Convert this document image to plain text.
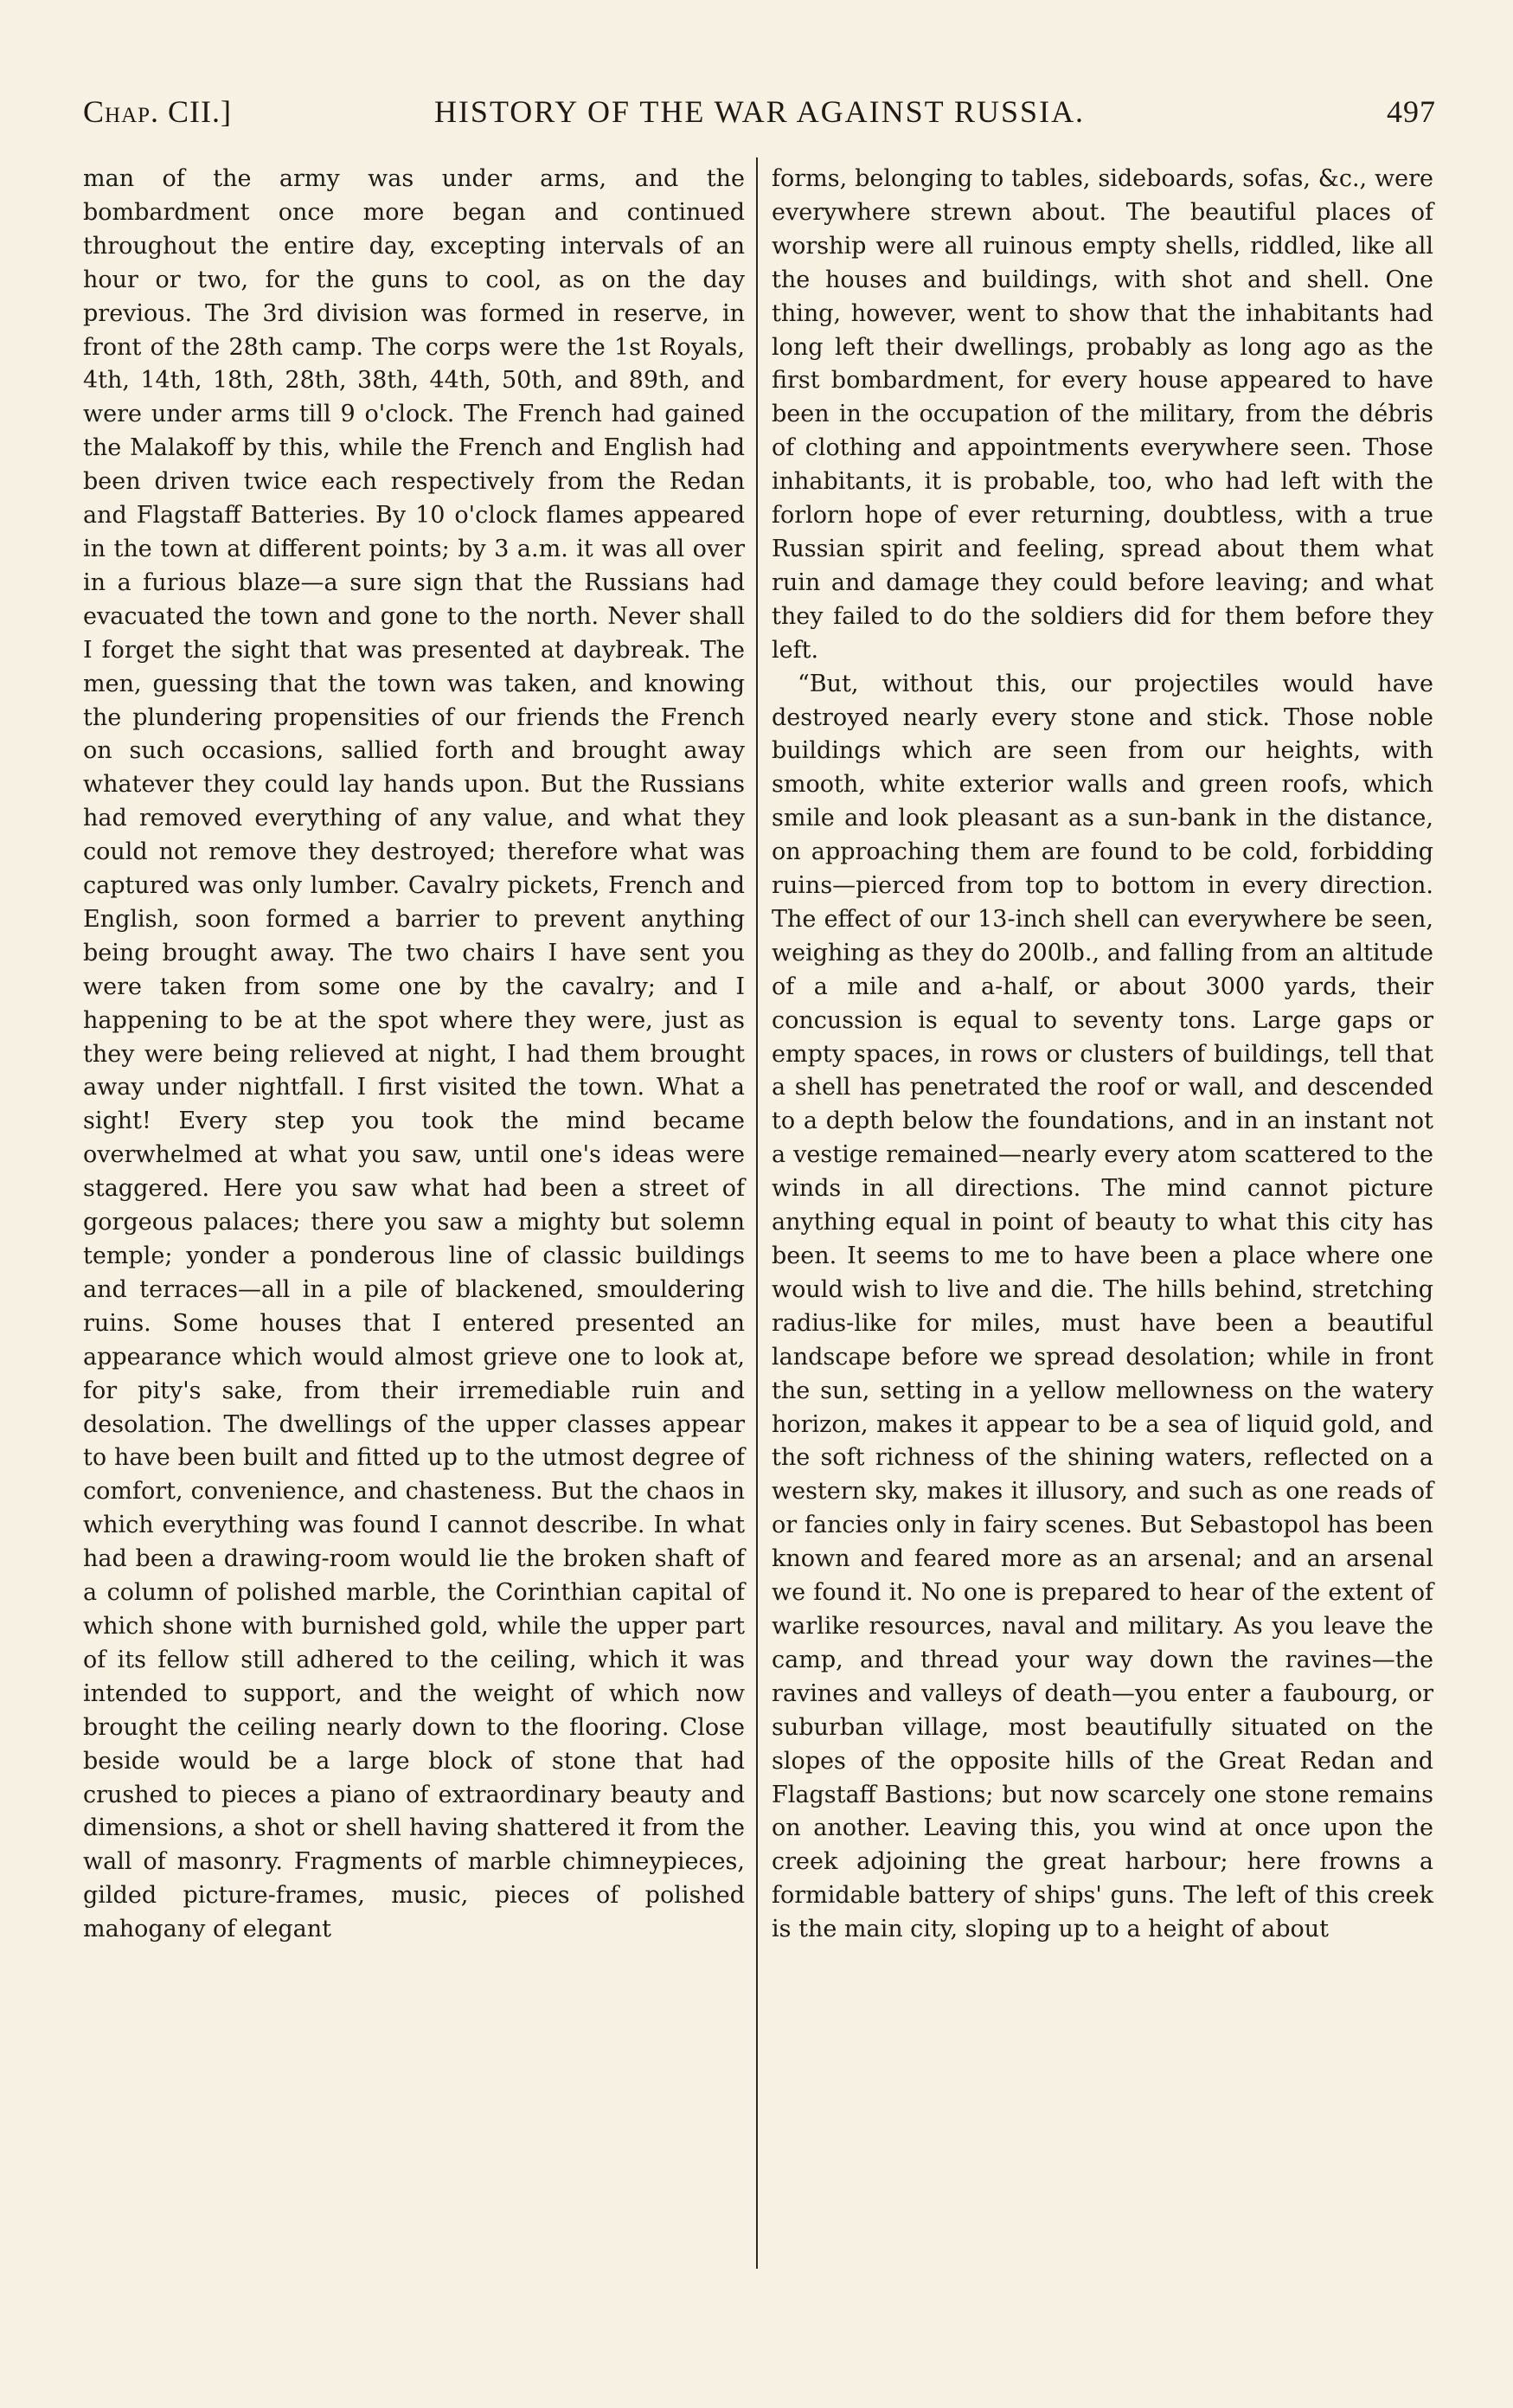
Chap. CII.]	HISTORY OF THE WAR AGAINST RUSSIA.	497

man of the army was under arms, and the bombardment once more began and continued throughout the entire day, excepting intervals of an hour or two, for the guns to cool, as on the day previous. The 3rd division was formed in reserve, in front of the 28th camp. The corps were the 1st Royals, 4th, 14th, 18th, 28th, 38th, 44th, 50th, and 89th, and were under arms till 9 o'clock. The French had gained the Malakoff by this, while the French and English had been driven twice each respectively from the Redan and Flagstaff Batteries. By 10 o'clock flames appeared in the town at different points; by 3 a.m. it was all over in a furious blaze—a sure sign that the Russians had evacuated the town and gone to the north. Never shall I forget the sight that was presented at daybreak. The men, guessing that the town was taken, and knowing the plundering propensities of our friends the French on such occasions, sallied forth and brought away whatever they could lay hands upon. But the Russians had removed everything of any value, and what they could not remove they destroyed; therefore what was captured was only lumber. Cavalry pickets, French and English, soon formed a barrier to prevent anything being brought away. The two chairs I have sent you were taken from some one by the cavalry; and I happening to be at the spot where they were, just as they were being relieved at night, I had them brought away under nightfall. I first visited the town. What a sight! Every step you took the mind became overwhelmed at what you saw, until one's ideas were staggered. Here you saw what had been a street of gorgeous palaces; there you saw a mighty but solemn temple; yonder a ponderous line of classic buildings and terraces—all in a pile of blackened, smouldering ruins. Some houses that I entered presented an appearance which would almost grieve one to look at, for pity's sake, from their irremediable ruin and desolation. The dwellings of the upper classes appear to have been built and fitted up to the utmost degree of comfort, convenience, and chasteness. But the chaos in which everything was found I cannot describe. In what had been a drawing-room would lie the broken shaft of a column of polished marble, the Corinthian capital of which shone with burnished gold, while the upper part of its fellow still adhered to the ceiling, which it was intended to support, and the weight of which now brought the ceiling nearly down to the flooring. Close beside would be a large block of stone that had crushed to pieces a piano of extraordinary beauty and dimensions, a shot or shell having shattered it from the wall of masonry. Fragments of marble chimneypieces, gilded picture-frames, music, pieces of polished mahogany of elegant

forms, belonging to tables, sideboards, sofas, &c., were everywhere strewn about. The beautiful places of worship were all ruinous empty shells, riddled, like all the houses and buildings, with shot and shell. One thing, however, went to show that the inhabitants had long left their dwellings, probably as long ago as the first bombardment, for every house appeared to have been in the occupation of the military, from the débris of clothing and appointments everywhere seen. Those inhabitants, it is probable, too, who had left with the forlorn hope of ever returning, doubtless, with a true Russian spirit and feeling, spread about them what ruin and damage they could before leaving; and what they failed to do the soldiers did for them before they left.

“But, without this, our projectiles would have destroyed nearly every stone and stick. Those noble buildings which are seen from our heights, with smooth, white exterior walls and green roofs, which smile and look pleasant as a sun-bank in the distance, on approaching them are found to be cold, forbidding ruins—pierced from top to bottom in every direction. The effect of our 13-inch shell can everywhere be seen, weighing as they do 200lb., and falling from an altitude of a mile and a-half, or about 3000 yards, their concussion is equal to seventy tons. Large gaps or empty spaces, in rows or clusters of buildings, tell that a shell has penetrated the roof or wall, and descended to a depth below the foundations, and in an instant not a vestige remained—nearly every atom scattered to the winds in all directions. The mind cannot picture anything equal in point of beauty to what this city has been. It seems to me to have been a place where one would wish to live and die. The hills behind, stretching radius-like for miles, must have been a beautiful landscape before we spread desolation; while in front the sun, setting in a yellow mellowness on the watery horizon, makes it appear to be a sea of liquid gold, and the soft richness of the shining waters, reflected on a western sky, makes it illusory, and such as one reads of or fancies only in fairy scenes. But Sebastopol has been known and feared more as an arsenal; and an arsenal we found it. No one is prepared to hear of the extent of warlike resources, naval and military. As you leave the camp, and thread your way down the ravines—the ravines and valleys of death—you enter a faubourg, or suburban village, most beautifully situated on the slopes of the opposite hills of the Great Redan and Flagstaff Bastions; but now scarcely one stone remains on another. Leaving this, you wind at once upon the creek adjoining the great harbour; here frowns a formidable battery of ships' guns. The left of this creek is the main city, sloping up to a height of about
